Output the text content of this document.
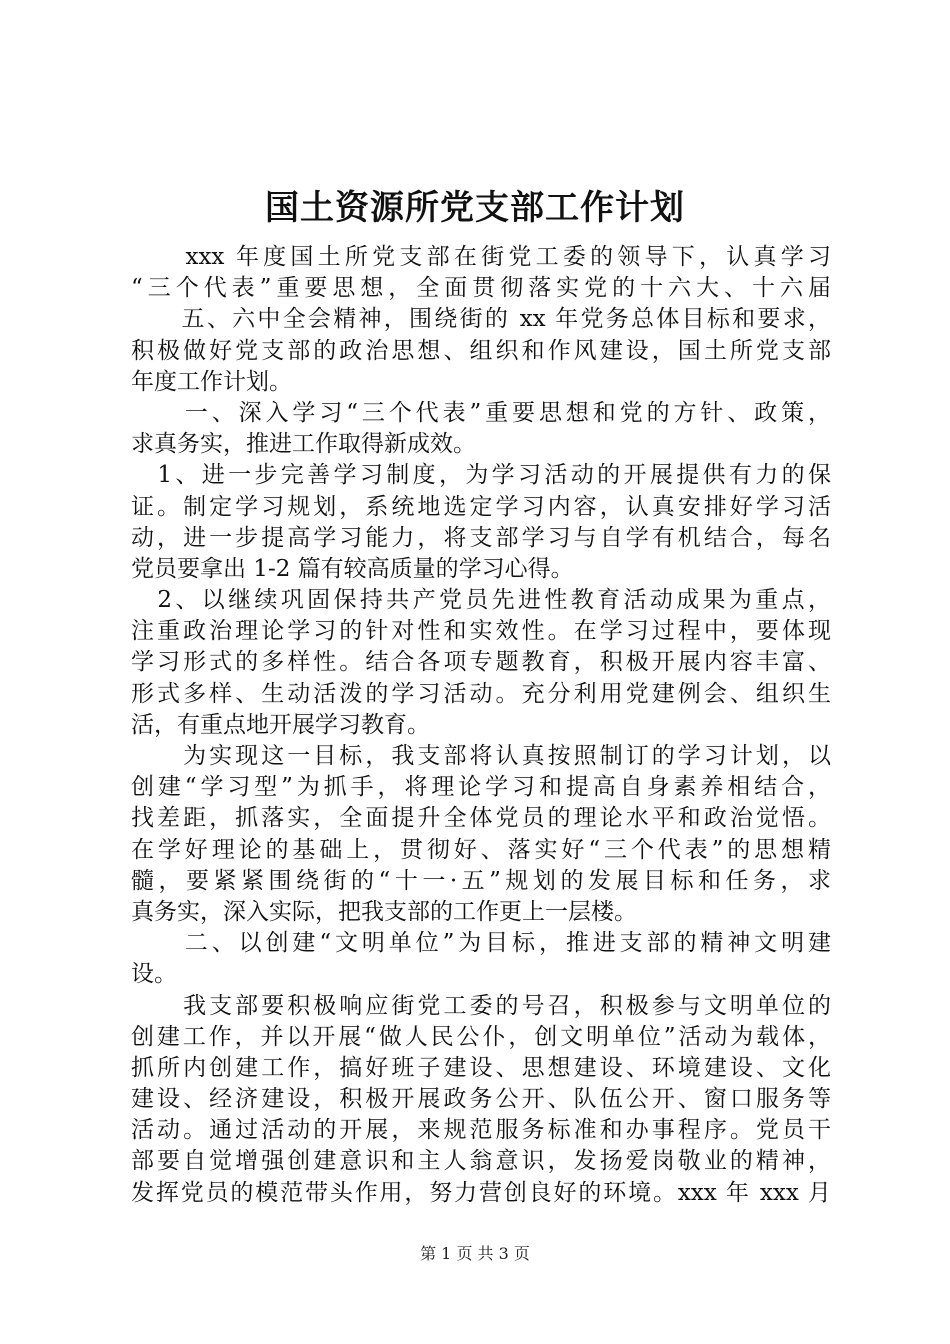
国土资源所党支部工作计划
　　xxx 年度国土所党支部在街党工委的领导下，认真学习
“三个代表”重要思想，全面贯彻落实党的十六大、十六届
　　五、六中全会精神，围绕街的 xx 年党务总体目标和要求，
积极做好党支部的政治思想、组织和作风建设，国土所党支部
年度工作计划。
　　一、深入学习“三个代表”重要思想和党的方针、政策，
求真务实，推进工作取得新成效。
　1、进一步完善学习制度，为学习活动的开展提供有力的保
证。制定学习规划，系统地选定学习内容，认真安排好学习活
动，进一步提高学习能力，将支部学习与自学有机结合，每名
党员要拿出 1-2 篇有较高质量的学习心得。
　2、以继续巩固保持共产党员先进性教育活动成果为重点，
注重政治理论学习的针对性和实效性。在学习过程中，要体现
学习形式的多样性。结合各项专题教育，积极开展内容丰富、
形式多样、生动活泼的学习活动。充分利用党建例会、组织生
活，有重点地开展学习教育。
　　为实现这一目标，我支部将认真按照制订的学习计划，以
创建“学习型”为抓手，将理论学习和提高自身素养相结合，
找差距，抓落实，全面提升全体党员的理论水平和政治觉悟。
在学好理论的基础上，贯彻好、落实好“三个代表”的思想精
髓，要紧紧围绕街的“十一·五”规划的发展目标和任务，求
真务实，深入实际，把我支部的工作更上一层楼。
　　二、以创建“文明单位”为目标，推进支部的精神文明建
设。
　　我支部要积极响应街党工委的号召，积极参与文明单位的
创建工作，并以开展“做人民公仆，创文明单位”活动为载体，
抓所内创建工作，搞好班子建设、思想建设、环境建设、文化
建设、经济建设，积极开展政务公开、队伍公开、窗口服务等
活动。通过活动的开展，来规范服务标准和办事程序。党员干
部要自觉增强创建意识和主人翁意识，发扬爱岗敬业的精神，
发挥党员的模范带头作用，努力营创良好的环境。xxx 年 xxx 月
第 1 页 共 3 页
